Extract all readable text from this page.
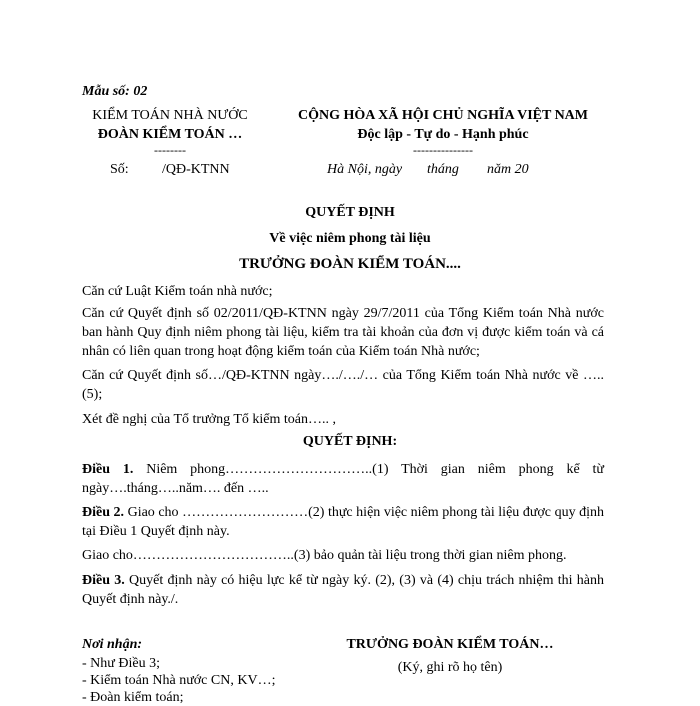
Mẫu số: 02
KIỂM TOÁN NHÀ NƯỚC
ĐOÀN KIỂM TOÁN …
--------
Số: /QĐ-KTNN
CỘNG HÒA XÃ HỘI CHỦ NGHĨA VIỆT NAM
Độc lập - Tự do - Hạnh phúc
---------------
Hà Nội, ngày tháng năm 20
QUYẾT ĐỊNH
Về việc niêm phong tài liệu
TRƯỞNG ĐOÀN KIỂM TOÁN....
Căn cứ Luật Kiểm toán nhà nước;
Căn cứ Quyết định số 02/2011/QĐ-KTNN ngày 29/7/2011 của Tổng Kiểm toán Nhà nước ban hành Quy định niêm phong tài liệu, kiểm tra tài khoản của đơn vị được kiểm toán và cá nhân có liên quan trong hoạt động kiểm toán của Kiểm toán Nhà nước;
Căn cứ Quyết định số…/QĐ-KTNN ngày…./…./… của Tổng Kiểm toán Nhà nước về …..(5);
Xét đề nghị của Tổ trưởng Tổ kiểm toán….. ,
QUYẾT ĐỊNH:
Điều 1. Niêm phong…………………………..(1) Thời gian niêm phong kể từ ngày….tháng…..năm…. đến …..
Điều 2. Giao cho ………………………(2) thực hiện việc niêm phong tài liệu được quy định tại Điều 1 Quyết định này.
Giao cho……………………………..(3) bảo quản tài liệu trong thời gian niêm phong.
Điều 3. Quyết định này có hiệu lực kể từ ngày ký. (2), (3) và (4) chịu trách nhiệm thi hành Quyết định này./.
Nơi nhận:
- Như Điều 3;
- Kiểm toán Nhà nước CN, KV…;
- Đoàn kiểm toán;
TRƯỞNG ĐOÀN KIỂM TOÁN…
(Ký, ghi rõ họ tên)
